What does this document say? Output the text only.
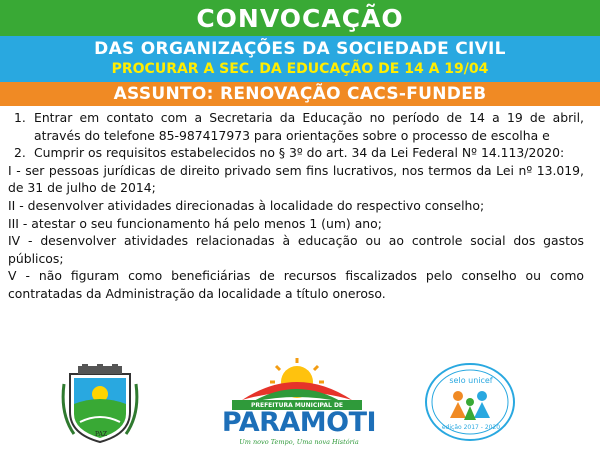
CONVOCAÇÃO
DAS ORGANIZAÇÕES DA SOCIEDADE CIVIL
PROCURAR A SEC. DA EDUCAÇÃO DE 14 A 19/04
ASSUNTO: RENOVAÇÃO CACS-FUNDEB
1. Entrar em contato com a Secretaria da Educação no período de 14 a 19 de abril, através do telefone 85-987417973 para orientações sobre o processo de escolha e
2. Cumprir os requisitos estabelecidos no § 3º do art. 34 da Lei Federal Nº 14.113/2020:
I - ser pessoas jurídicas de direito privado sem fins lucrativos, nos termos da Lei nº 13.019, de 31 de julho de 2014;
II - desenvolver atividades direcionadas à localidade do respectivo conselho;
III - atestar o seu funcionamento há pelo menos 1 (um) ano;
IV - desenvolver atividades relacionadas à educação ou ao controle social dos gastos públicos;
V - não figuram como beneficiárias de recursos fiscalizados pelo conselho ou como contratadas da Administração da localidade a título oneroso.
PAZ
PREFEITURA MUNICIPAL DE
PARAMOTI
Um novo Tempo, Uma nova História
selo unicef
edição 2017 - 2020
